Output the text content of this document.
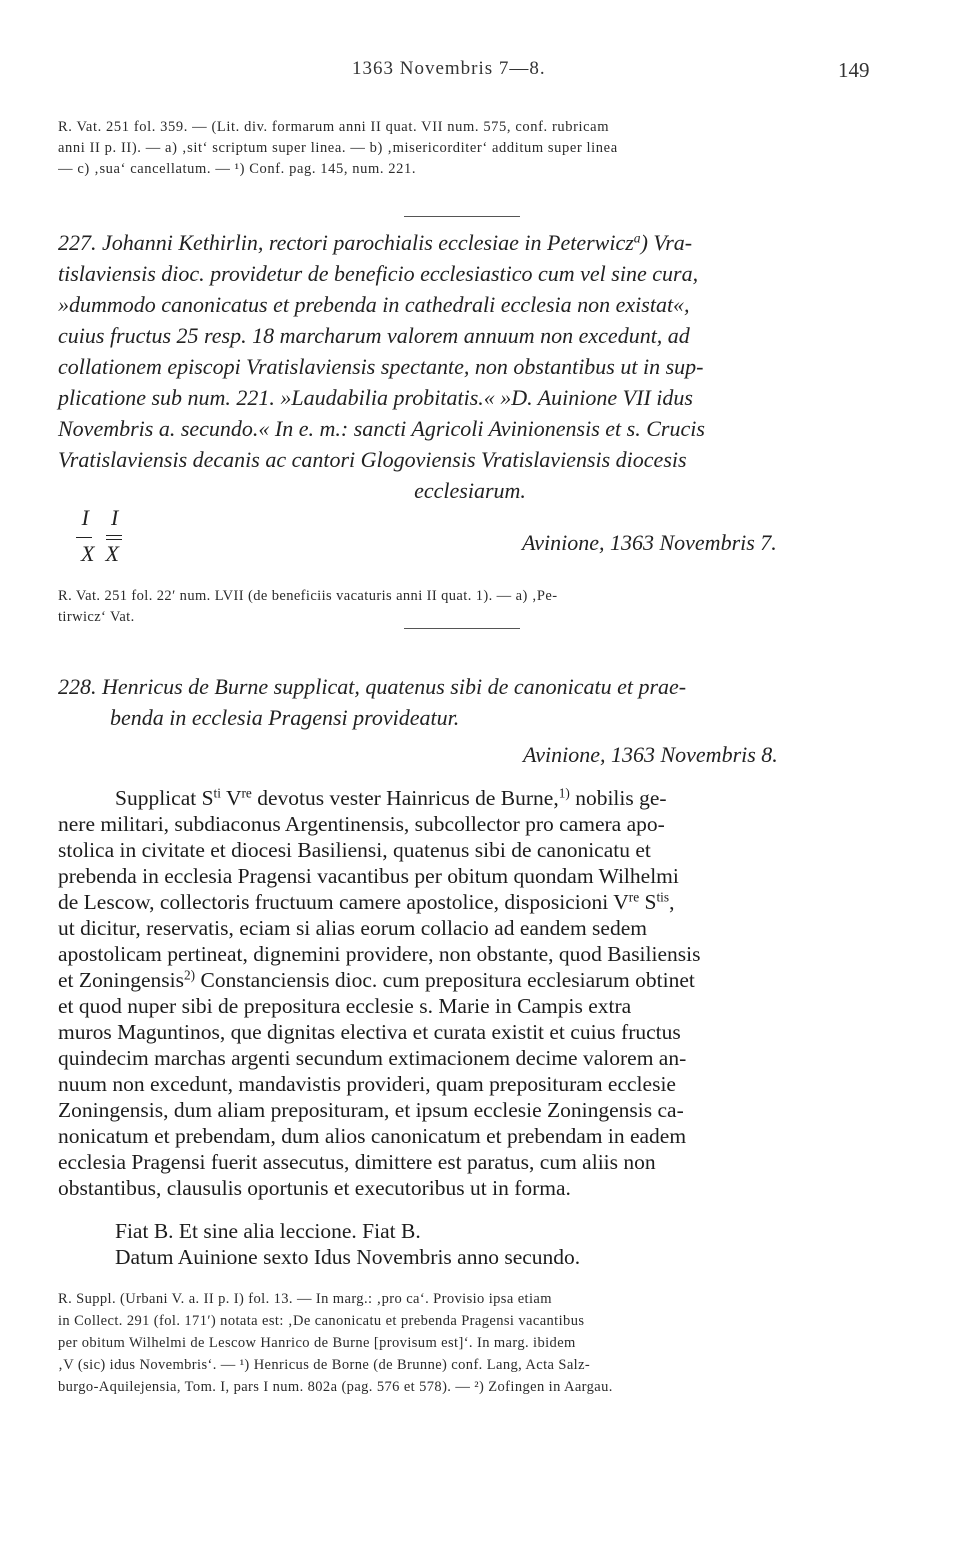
1363 Novembris 7—8.	149
R. Vat. 251 fol. 359. — (Lit. div. formarum anni II quat. VII num. 575, conf. rubricam
anni II p. II). — a) ‚sit‘ scriptum super linea. — b) ‚misericorditer‘ additum super linea
— c) ‚sua‘ cancellatum. — ¹) Conf. pag. 145, num. 221.
227. Johanni Kethirlin, rectori parochialis ecclesiae in Peterwicz$^a$) Vra-
tislaviensis dioc. providetur de beneficio ecclesiastico cum vel sine cura,
»dummodo canonicatus et prebenda in cathedrali ecclesia non existat«,
cuius fructus 25 resp. 18 marcharum valorem annuum non excedunt, ad
collationem episcopi Vratislaviensis spectante, non obstantibus ut in sup-
plicatione sub num. 221. »Laudabilia probitatis.« »D. Auinione VII idus
Novembris a. secundo.« In e. m.: sancti Agricoli Avinionensis et s. Crucis
Vratislaviensis decanis ac cantori Glogoviensis Vratislaviensis diocesis
ecclesiarum.
I    I
X  X	Avinione, 1363 Novembris 7.
R. Vat. 251 fol. 22′ num. LVII (de beneficiis vacaturis anni II quat. 1). — a) ‚Pe-
tirwicz‘ Vat.
228. Henricus de Burne supplicat, quatenus sibi de canonicatu et prae-
benda in ecclesia Pragensi provideatur.
Avinione, 1363 Novembris 8.
Supplicat $S^{ti}$ Vre devotus vester Hainricus de Burne,$^{1)}$ nobilis ge-
nere militari, subdiaconus Argentinensis, subcollector pro camera apo-
stolica in civitate et diocesi Basiliensi, quatenus sibi de canonicatu et
prebenda in ecclesia Pragensi vacantibus per obitum quondam Wilhelmi
de Lescow, collectoris fructuum camere apostolice, disposicioni Vre $S^{tis}$,
ut dicitur, reservatis, eciam si alias eorum collacio ad eandem sedem
apostolicam pertineat, dignemini providere, non obstante, quod Basiliensis
et Zoningensis$^{2)}$ Constanciensis dioc. cum prepositura ecclesiarum obtinet
et quod nuper sibi de prepositura ecclesie s. Marie in Campis extra
muros Maguntinos, que dignitas electiva et curata existit et cuius fructus
quindecim marchas argenti secundum extimacionem decime valorem an-
nuum non excedunt, mandavistis provideri, quam preposituram ecclesie
Zoningensis, dum aliam preposituram, et ipsum ecclesie Zoningensis ca-
nonicatum et prebendam, dum alios canonicatum et prebendam in eadem
ecclesia Pragensi fuerit assecutus, dimittere est paratus, cum aliis non
obstantibus, clausulis oportunis et executoribus ut in forma.
Fiat B. Et sine alia leccione. Fiat B.
Datum Auinione sexto Idus Novembris anno secundo.
R. Suppl. (Urbani V. a. II p. I) fol. 13. — In marg.: ‚pro ca‘. Provisio ipsa etiam
in Collect. 291 (fol. 171′) notata est: ‚De canonicatu et prebenda Pragensi vacantibus
per obitum Wilhelmi de Lescow Hanrico de Burne [provisum est]‘. In marg. ibidem
‚V (sic) idus Novembris‘. — ¹) Henricus de Borne (de Brunne) conf. Lang, Acta Salz-
burgo-Aquilejensia, Tom. I, pars I num. 802a (pag. 576 et 578). — ²) Zofingen in Aargau.
